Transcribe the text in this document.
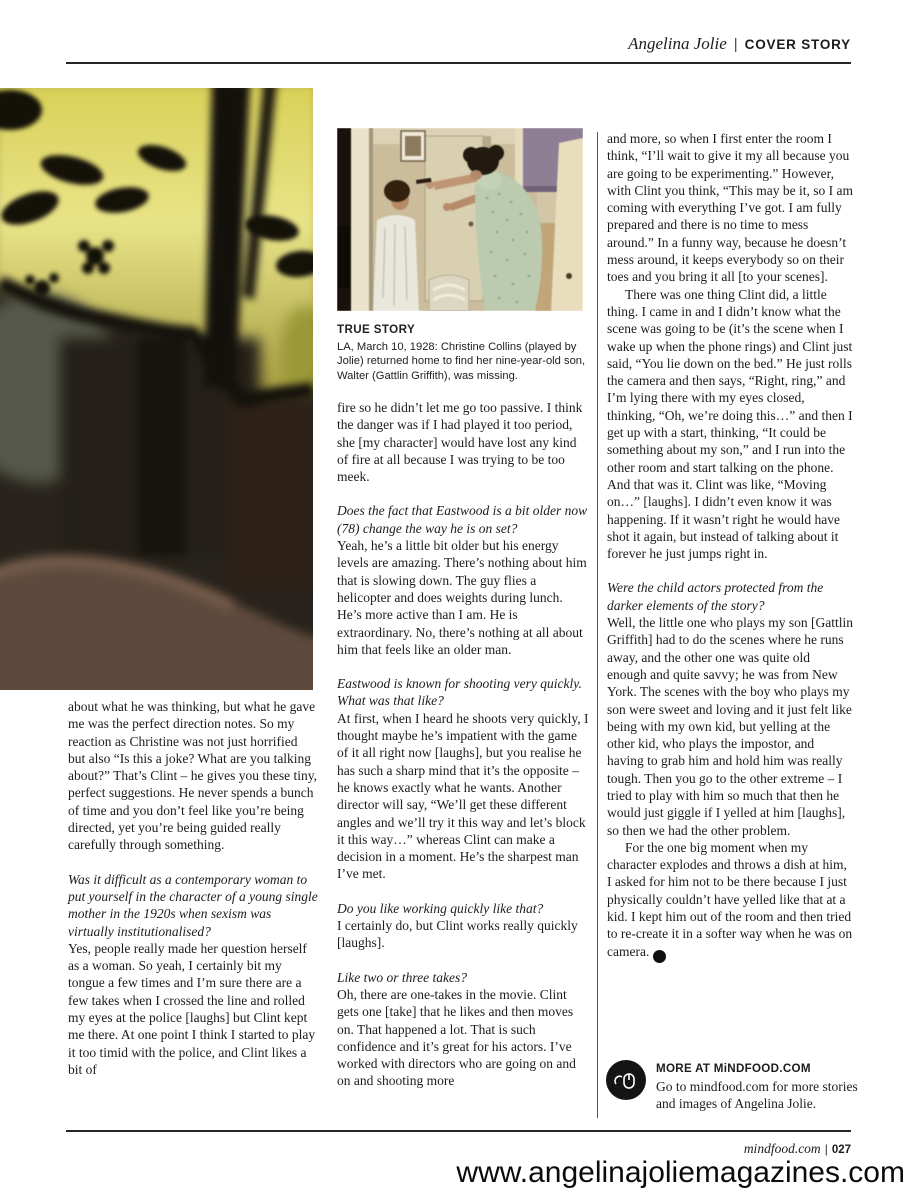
Angelina Jolie | COVER STORY

TRUE STORY

LA, March 10, 1928: Christine Collins (played by Jolie) returned home to find her nine-year-old son, Walter (Gattlin Griffith), was missing.

about what he was thinking, but what he gave me was the perfect direction notes. So my reaction as Christine was not just horrified but also “Is this a joke? What are you talking about?” That’s Clint – he gives you these tiny, perfect suggestions. He never spends a bunch of time and you don’t feel like you’re being directed, yet you’re being guided really carefully through something.

Was it difficult as a contemporary woman to put yourself in the character of a young single mother in the 1920s when sexism was virtually institutionalised?

Yes, people really made her question herself as a woman. So yeah, I certainly bit my tongue a few times and I’m sure there are a few takes when I crossed the line and rolled my eyes at the police [laughs] but Clint kept me there. At one point I think I started to play it too timid with the police, and Clint likes a bit of

fire so he didn’t let me go too passive. I think the danger was if I had played it too period, she [my character] would have lost any kind of fire at all because I was trying to be too meek.

Does the fact that Eastwood is a bit older now (78) change the way he is on set?

Yeah, he’s a little bit older but his energy levels are amazing. There’s nothing about him that is slowing down. The guy flies a helicopter and does weights during lunch. He’s more active than I am. He is extraordinary. No, there’s nothing at all about him that feels like an older man.

Eastwood is known for shooting very quickly. What was that like?

At first, when I heard he shoots very quickly, I thought maybe he’s impatient with the game of it all right now [laughs], but you realise he has such a sharp mind that it’s the opposite – he knows exactly what he wants. Another director will say, “We’ll get these different angles and we’ll try it this way and let’s block it this way…” whereas Clint can make a decision in a moment. He’s the sharpest man I’ve met.

Do you like working quickly like that?

I certainly do, but Clint works really quickly [laughs].

Like two or three takes?

Oh, there are one-takes in the movie. Clint gets one [take] that he likes and then moves on. That happened a lot. That is such confidence and it’s great for his actors. I’ve worked with directors who are going on and on and shooting more

and more, so when I first enter the room I think, “I’ll wait to give it my all because you are going to be experimenting.” However, with Clint you think, “This may be it, so I am coming with everything I’ve got. I am fully prepared and there is no time to mess around.” In a funny way, because he doesn’t mess around, it keeps everybody so on their toes and you bring it all [to your scenes].

There was one thing Clint did, a little thing. I came in and I didn’t know what the scene was going to be (it’s the scene when I wake up when the phone rings) and Clint just said, “You lie down on the bed.” He just rolls the camera and then says, “Right, ring,” and I’m lying there with my eyes closed, thinking, “Oh, we’re doing this…” and then I get up with a start, thinking, “It could be something about my son,” and I run into the other room and start talking on the phone. And that was it. Clint was like, “Moving on…” [laughs]. I didn’t even know it was happening. If it wasn’t right he would have shot it again, but instead of talking about it forever he just jumps right in.

Were the child actors protected from the darker elements of the story?

Well, the little one who plays my son [Gattlin Griffith] had to do the scenes where he runs away, and the other one was quite old enough and quite savvy; he was from New York. The scenes with the boy who plays my son were sweet and loving and it just felt like being with my own kid, but yelling at the other kid, who plays the impostor, and having to grab him and hold him was really tough. Then you go to the other extreme – I tried to play with him so much that then he would just giggle if I yelled at him [laughs], so then we had the other problem.

For the one big moment when my character explodes and throws a dish at him, I asked for him not to be there because I just physically couldn’t have yelled like that at a kid. I kept him out of the room and then tried to re-create it in a softer way when he was on camera.	MF

MORE AT MiNDFOOD.COM

Go to mindfood.com for more stories and images of Angelina Jolie.

mindfood.com | 027
www.angelinajoliemagazines.com
